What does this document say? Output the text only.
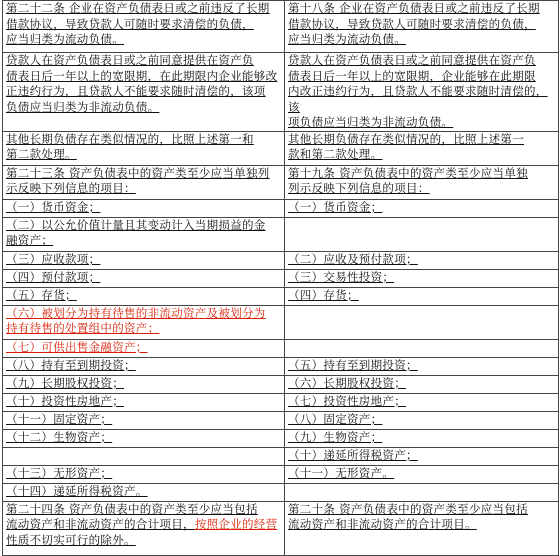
第二十二条 企业在资产负债表日或之前违反了长期
借款协议，导致贷款人可随时要求清偿的负债，
应当归类为流动负债。	第十八条 企业在资产负债表日或之前违反了长期
借款协议，导致贷款人可随时要求清偿的负债，
应当归类为流动负债。

贷款人在资产负债表日或之前同意提供在资产负
债表日后一年以上的宽限期，在此期限内企业能够改
正违约行为，且贷款人不能要求随时清偿的，该项
负债应当归类为非流动负债。	贷款人在资产负债表日或之前同意提供在资产负
债表日后一年以上的宽限期，企业能够在此期限
内改正违约行为，且贷款人不能要求随时清偿的，该
项负债应当归类为非流动负债。

其他长期负债存在类似情况的，比照上述第一和
第二款处理。	其他长期负债存在类似情况的，比照上述第一
款和第二款处理。

第二十三条 资产负债表中的资产类至少应当单独列
示反映下列信息的项目：	第十九条 资产负债表中的资产类至少应当单独
列示反映下列信息的项目：

（一）货币资金；	（一）货币资金；

（二）以公允价值计量且其变动计入当期损益的金
融资产；	

（三）应收款项；	（二）应收及预付款项；

（四）预付款项；	（三）交易性投资；

（五）存货；	（四）存货；

（六）被划分为持有待售的非流动资产及被划分为
持有待售的处置组中的资产；	

（七）可供出售金融资产；	

（八）持有至到期投资；	（五）持有至到期投资；

（九）长期股权投资；	（六）长期股权投资；

（十）投资性房地产；	（七）投资性房地产；

（十一）固定资产；	（八）固定资产；

（十二）生物资产；	（九）生物资产；

	（十）递延所得税资产；

（十三）无形资产；	（十一）无形资产。

（十四）递延所得税资产。	

第二十四条 资产负债表中的资产类至少应当包括
流动资产和非流动资产的合计项目，按照企业的经营
性质不切实可行的除外。	第二十条 资产负债表中的资产类至少应当包括
流动资产和非流动资产的合计项目。
